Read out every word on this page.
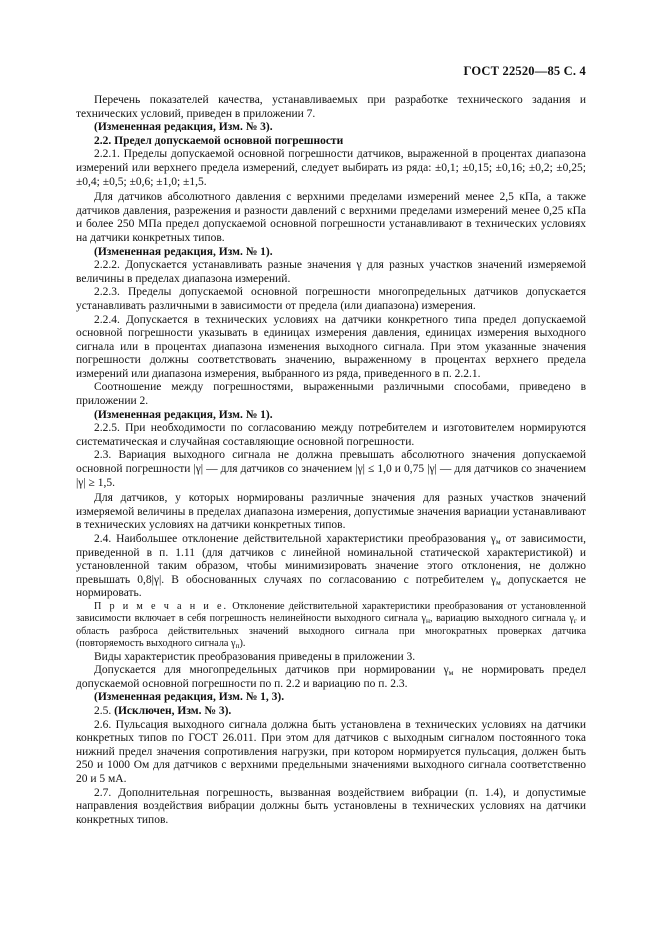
ГОСТ 22520—85 С. 4

Перечень показателей качества, устанавливаемых при разработке технического задания и технических условий, приведен в приложении 7.

(Измененная редакция, Изм. № 3).

2.2. Предел допускаемой основной погрешности

2.2.1. Пределы допускаемой основной погрешности датчиков, выраженной в процентах диапазона измерений или верхнего предела измерений, следует выбирать из ряда: ±0,1; ±0,15; ±0,16; ±0,2; ±0,25; ±0,4; ±0,5; ±0,6; ±1,0; ±1,5.

Для датчиков абсолютного давления с верхними пределами измерений менее 2,5 кПа, а также датчиков давления, разрежения и разности давлений с верхними пределами измерений менее 0,25 кПа и более 250 МПа предел допускаемой основной погрешности устанавливают в технических условиях на датчики конкретных типов.

(Измененная редакция, Изм. № 1).

2.2.2. Допускается устанавливать разные значения γ для разных участков значений измеряемой величины в пределах диапазона измерений.

2.2.3. Пределы допускаемой основной погрешности многопредельных датчиков допускается устанавливать различными в зависимости от предела (или диапазона) измерения.

2.2.4. Допускается в технических условиях на датчики конкретного типа предел допускаемой основной погрешности указывать в единицах измерения давления, единицах измерения выходного сигнала или в процентах диапазона изменения выходного сигнала. При этом указанные значения погрешности должны соответствовать значению, выраженному в процентах верхнего предела измерений или диапазона измерения, выбранного из ряда, приведенного в п. 2.2.1.

Соотношение между погрешностями, выраженными различными способами, приведено в приложении 2.

(Измененная редакция, Изм. № 1).

2.2.5. При необходимости по согласованию между потребителем и изготовителем нормируются систематическая и случайная составляющие основной погрешности.

2.3. Вариация выходного сигнала не должна превышать абсолютного значения допускаемой основной погрешности |γ| — для датчиков со значением |γ| ≤ 1,0 и 0,75 |γ| — для датчиков со значением |γ| ≥ 1,5.

Для датчиков, у которых нормированы различные значения для разных участков значений измеряемой величины в пределах диапазона измерения, допустимые значения вариации устанавливают в технических условиях на датчики конкретных типов.

2.4. Наибольшее отклонение действительной характеристики преобразования $\gamma_м$ от зависимости, приведенной в п. 1.11 (для датчиков с линейной номинальной статической характеристикой) и установленной таким образом, чтобы минимизировать значение этого отклонения, не должно превышать 0,8|γ|. В обоснованных случаях по согласованию с потребителем $\gamma_м$ допускается не нормировать.

П р и м е ч а н и е. Отклонение действительной характеристики преобразования от установленной зависимости включает в себя погрешность нелинейности выходного сигнала $\gamma_н$, вариацию выходного сигнала $\gamma_г$ и область разброса действительных значений выходного сигнала при многократных проверках датчика (повторяемость выходного сигнала $\gamma_п$).

Виды характеристик преобразования приведены в приложении 3.

Допускается для многопредельных датчиков при нормировании $\gamma_м$ не нормировать предел допускаемой основной погрешности по п. 2.2 и вариацию по п. 2.3.

(Измененная редакция, Изм. № 1, 3).

2.5. (Исключен, Изм. № 3).

2.6. Пульсация выходного сигнала должна быть установлена в технических условиях на датчики конкретных типов по ГОСТ 26.011. При этом для датчиков с выходным сигналом постоянного тока нижний предел значения сопротивления нагрузки, при котором нормируется пульсация, должен быть 250 и 1000 Ом для датчиков с верхними предельными значениями выходного сигнала соответственно 20 и 5 мА.

2.7. Дополнительная погрешность, вызванная воздействием вибрации (п. 1.4), и допустимые направления воздействия вибрации должны быть установлены в технических условиях на датчики конкретных типов.
